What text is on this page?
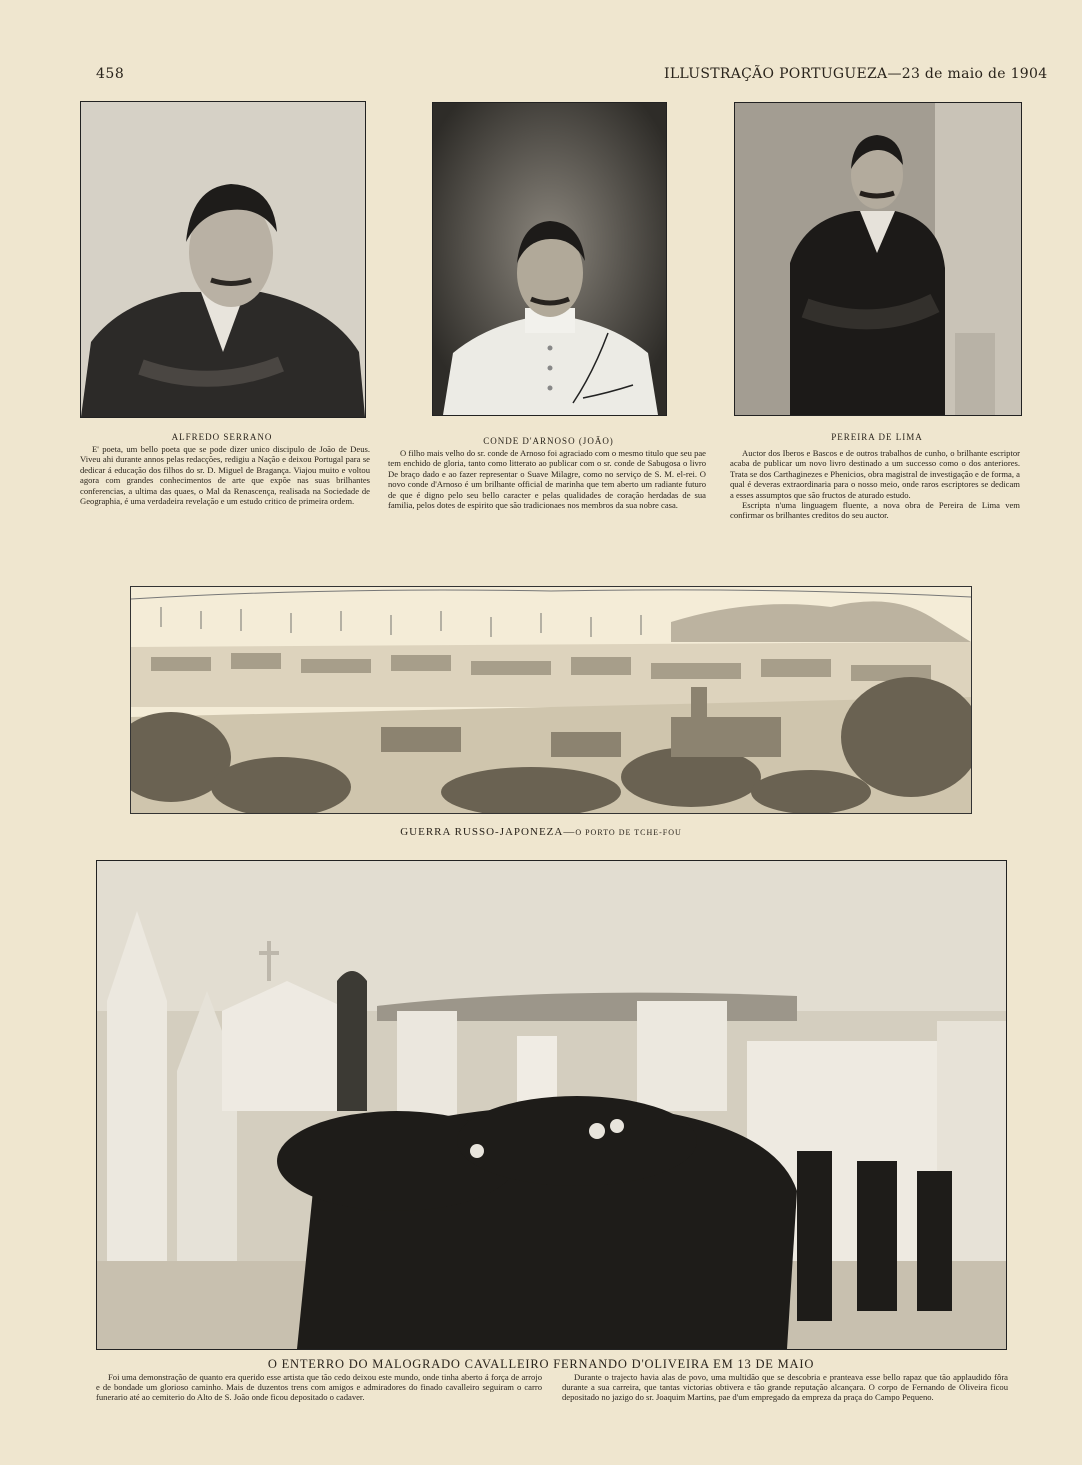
458	ILLUSTRAÇÃO PORTUGUEZA—23 de maio de 1904
ALFREDO SERRANO

E' poeta, um bello poeta que se pode dizer unico discipulo de João de Deus. Viveu ahi durante annos pelas redacções, redigiu a Nação e deixou Portugal para se dedicar á educação dos filhos do sr. D. Miguel de Bragança. Viajou muito e voltou agora com grandes conhecimentos de arte que expõe nas suas brilhantes conferencias, a ultima das quaes, o Mal da Renascença, realisada na Sociedade de Geographia, é uma verdadeira revelação e um estudo critico de primeira ordem.

CONDE D'ARNOSO (JOÃO)

O filho mais velho do sr. conde de Arnoso foi agraciado com o mesmo titulo que seu pae tem enchido de gloria, tanto como litterato ao publicar com o sr. conde de Sabugosa o livro De braço dado e ao fazer representar o Suave Milagre, como no serviço de S. M. el-rei. O novo conde d'Arnoso é um brilhante official de marinha que tem aberto um radiante futuro de que é digno pelo seu bello caracter e pelas qualidades de coração herdadas de sua familia, pelos dotes de espirito que são tradicionaes nos membros da sua nobre casa.

PEREIRA DE LIMA

Auctor dos Iberos e Bascos e de outros trabalhos de cunho, o brilhante escriptor acaba de publicar um novo livro destinado a um successo como o dos anteriores. Trata se dos Carthaginezes e Phenicios, obra magistral de investigação e de forma, a qual é deveras extraordinaria para o nosso meio, onde raros escriptores se dedicam a esses assumptos que são fructos de aturado estudo.

Escripta n'uma linguagem fluente, a nova obra de Pereira de Lima vem confirmar os brilhantes creditos do seu auctor.

GUERRA RUSSO-JAPONEZA—O PORTO DE TCHE-FOU
O ENTERRO DO MALOGRADO CAVALLEIRO FERNANDO D'OLIVEIRA EM 13 DE MAIO

Foi uma demonstração de quanto era querido esse artista que tão cedo deixou este mundo, onde tinha aberto á força de arrojo e de bondade um glorioso caminho. Mais de duzentos trens com amigos e admiradores do finado cavalleiro seguiram o carro funerario até ao cemiterio do Alto de S. João onde ficou depositado o cadaver.

Durante o trajecto havia alas de povo, uma multidão que se descobria e pranteava esse bello rapaz que tão applaudido fôra durante a sua carreira, que tantas victorias obtivera e tão grande reputação alcançara. O corpo de Fernando de Oliveira ficou depositado no jazigo do sr. Joaquim Martins, pae d'um empregado da empreza da praça do Campo Pequeno.
